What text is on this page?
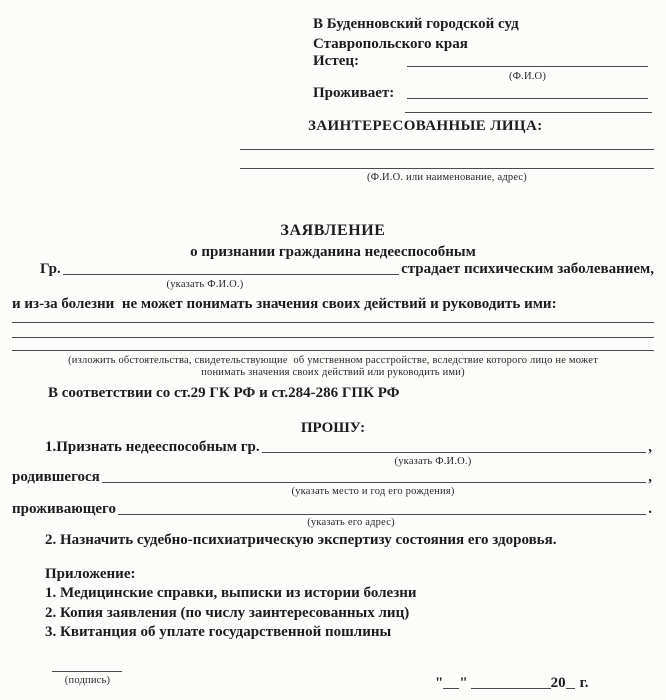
В Буденновский городской суд
Ставропольского края
Истец:
(Ф.И.О)
Проживает:
ЗАИНТЕРЕСОВАННЫЕ ЛИЦА:
(Ф.И.О. или наименование, адрес)
ЗАЯВЛЕНИЕ
о признании гражданина недееспособным
Гр.	страдает психическим заболеванием,
(указать Ф.И.О.)
и из-за болезни  не может понимать значения своих действий и руководить ими:
(изложить обстоятельства, свидетельствующие  об умственном расстройстве, вследствие которого лицо не может
понимать значения своих действий или руководить ими)
В соответствии со ст.29 ГК РФ и ст.284-286 ГПК РФ
ПРОШУ:
1.Признать недееспособным гр.	,
(указать Ф.И.О.)
родившегося	,
(указать место и год его рождения)
проживающего	.
(указать его адрес)
2. Назначить судебно-психиатрическую экспертизу состояния его здоровья.
Приложение:
1. Медицинские справки, выписки из истории болезни
2. Копия заявления (по числу заинтересованных лиц)
3. Квитанция об уплате государственной пошлины
(подпись)	" "	20 г.
